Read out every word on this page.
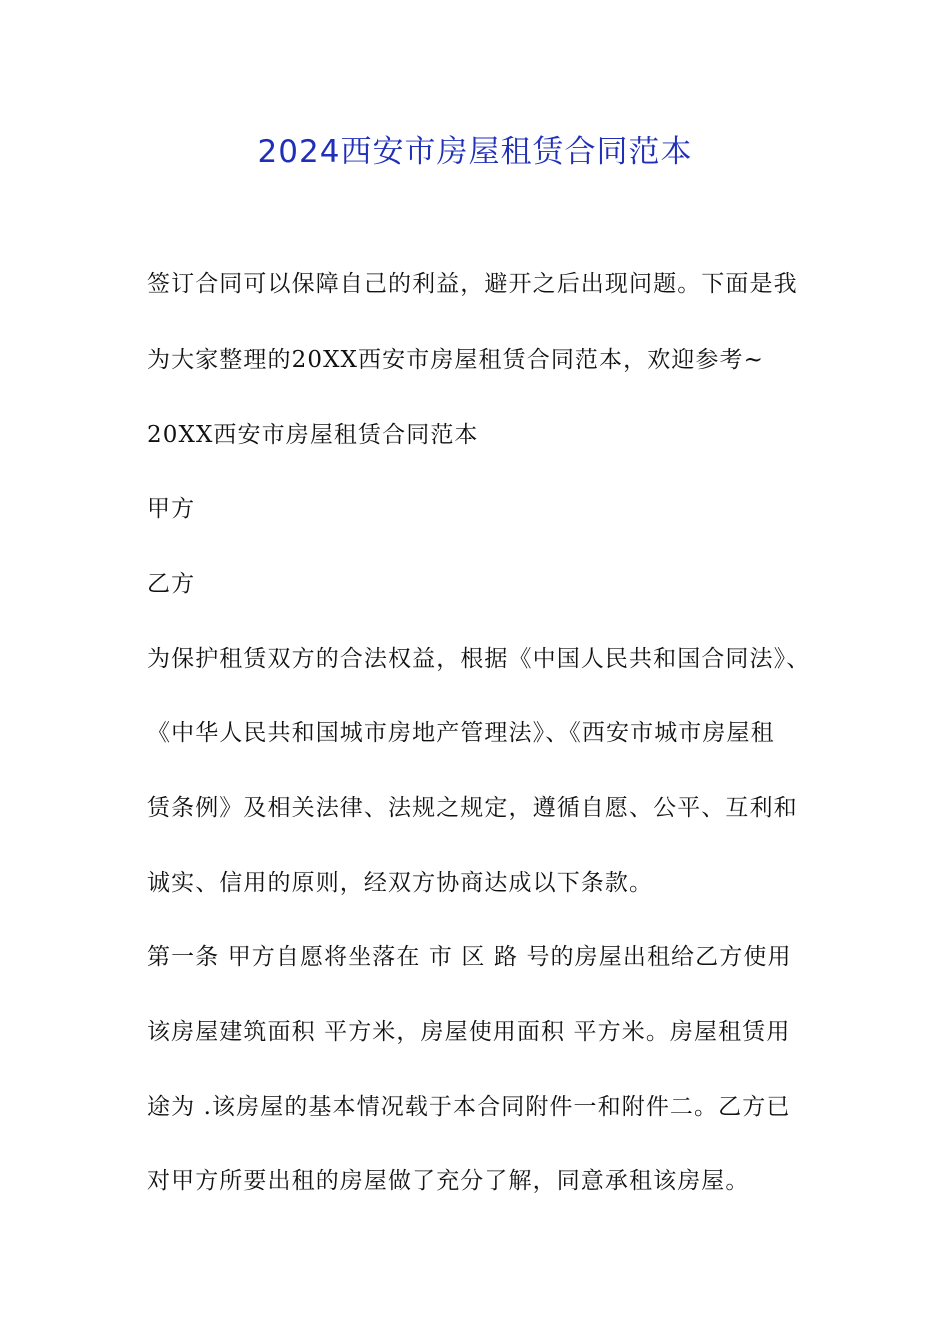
2024西安市房屋租赁合同范本
签订合同可以保障自己的利益，避开之后出现问题。下面是我
为大家整理的20XX西安市房屋租赁合同范本，欢迎参考~
20XX西安市房屋租赁合同范本
甲方
乙方
为保护租赁双方的合法权益，根据《中国人民共和国合同法》、
《中华人民共和国城市房地产管理法》、《西安市城市房屋租
赁条例》及相关法律、法规之规定，遵循自愿、公平、互利和
诚实、信用的原则，经双方协商达成以下条款。
第一条 甲方自愿将坐落在 市 区 路 号的房屋出租给乙方使用
该房屋建筑面积 平方米，房屋使用面积 平方米。房屋租赁用
途为 .该房屋的基本情况载于本合同附件一和附件二。乙方已
对甲方所要出租的房屋做了充分了解，同意承租该房屋。
